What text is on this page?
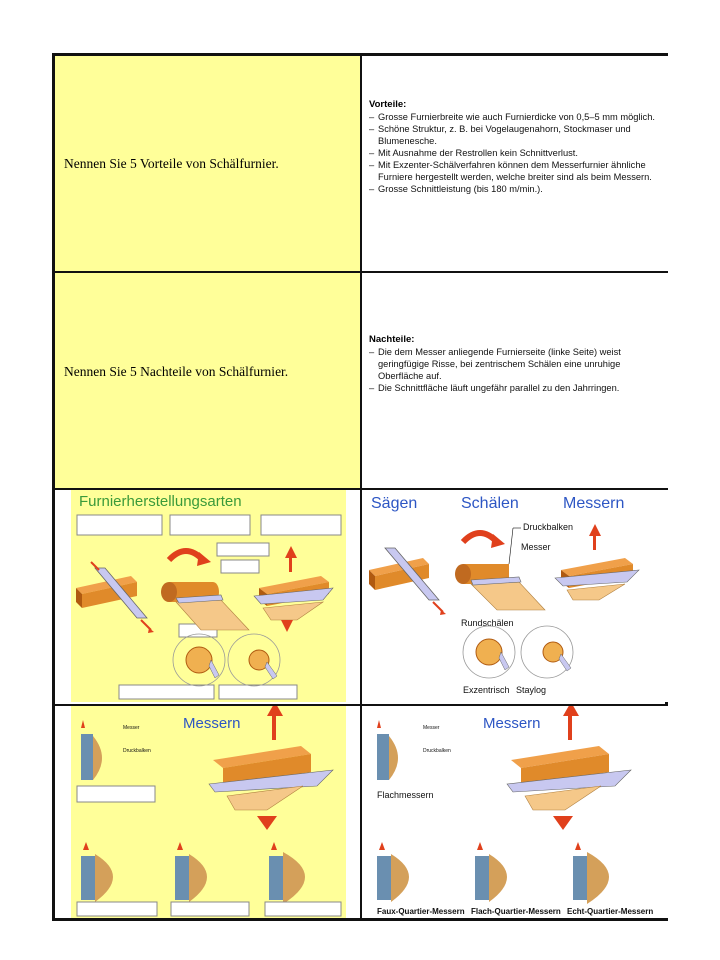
Nennen Sie 5 Vorteile von Schälfurnier.
Vorteile:
– Grosse Furnierbreite wie auch Furnierdicke von 0,5–5 mm möglich.
– Schöne Struktur, z. B. bei Vogelaugenahorn, Stockmaser und Blumenesche.
– Mit Ausnahme der Restrollen kein Schnittverlust.
– Mit Exzenter-Schälverfahren können dem Messerfurnier ähnliche Furniere hergestellt werden, welche breiter sind als beim Messern.
– Grosse Schnittleistung (bis 180 m/min.).
Nennen Sie 5 Nachteile von Schälfurnier.
Nachteile:
– Die dem Messer anliegende Furnierseite (linke Seite) weist geringfügige Risse, bei zentrischem Schälen eine unruhige Oberfläche auf.
– Die Schnittfläche läuft ungefähr parallel zu den Jahrringen.
Furnierherstellungsarten	Sägen	Schälen	Messern
Druckbalken
Messer
Rundschälen
Exzentrisch Staylog
Messern
Messer
Druckbalken
Messern
Messer
Druckbalken
Flachmessern
Faux-Quartier-Messern Flach-Quartier-Messern Echt-Quartier-Messern
